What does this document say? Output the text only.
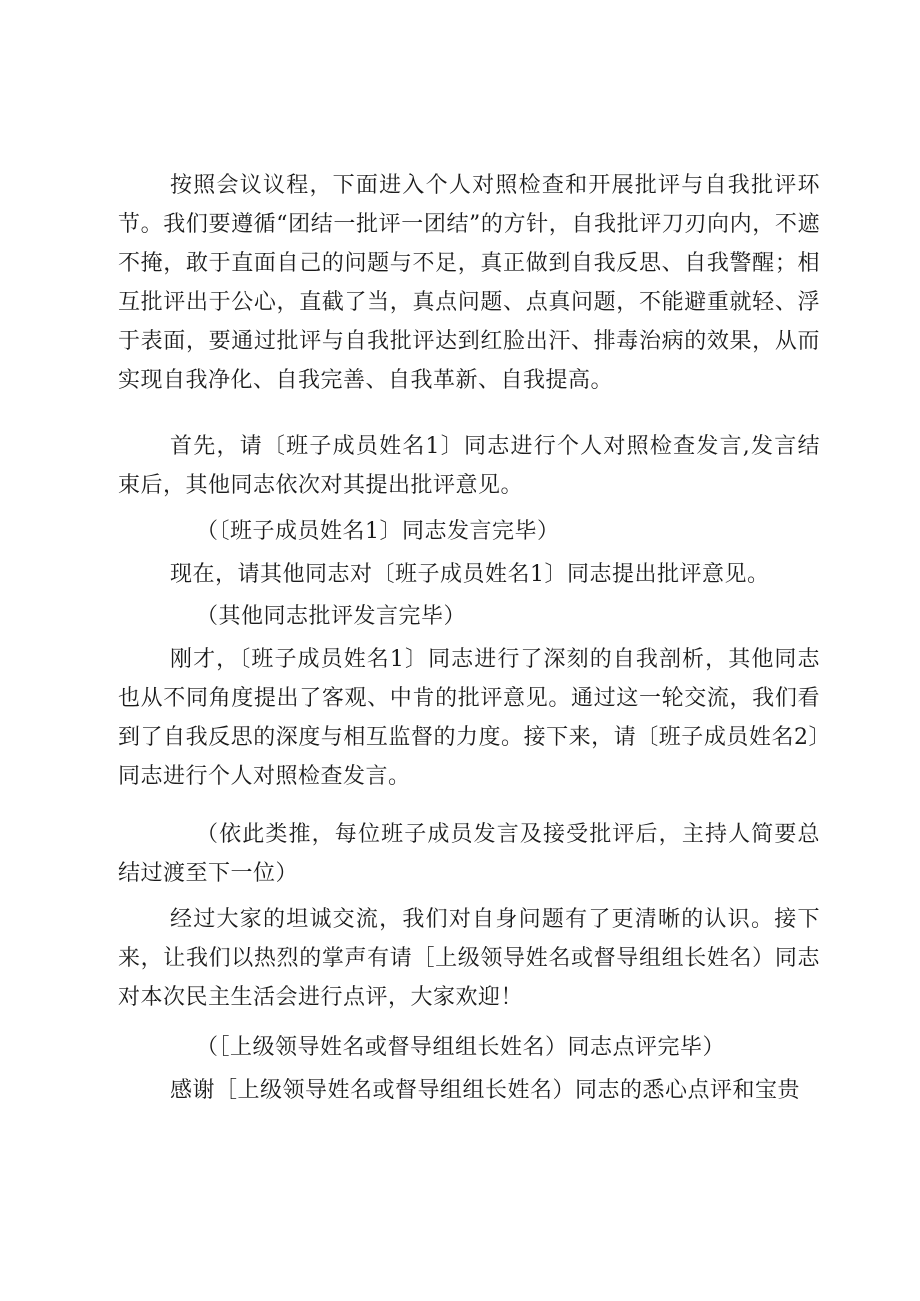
按照会议议程，下面进入个人对照检查和开展批评与自我批评环节。我们要遵循“团结一批评一团结”的方针，自我批评刀刃向内，不遮不掩，敢于直面自己的问题与不足，真正做到自我反思、自我警醒；相互批评出于公心，直截了当，真点问题、点真问题，不能避重就轻、浮于表面，要通过批评与自我批评达到红脸出汗、排毒治病的效果，从而实现自我净化、自我完善、自我革新、自我提高。

首先，请〔班子成员姓名1〕同志进行个人对照检查发言,发言结束后，其他同志依次对其提出批评意见。

（〔班子成员姓名1〕同志发言完毕）

现在，请其他同志对〔班子成员姓名1〕同志提出批评意见。

（其他同志批评发言完毕）

刚才，〔班子成员姓名1〕同志进行了深刻的自我剖析，其他同志也从不同角度提出了客观、中肯的批评意见。通过这一轮交流，我们看到了自我反思的深度与相互监督的力度。接下来，请〔班子成员姓名2〕同志进行个人对照检查发言。

（依此类推，每位班子成员发言及接受批评后，主持人简要总结过渡至下一位）

经过大家的坦诚交流，我们对自身问题有了更清晰的认识。接下来，让我们以热烈的掌声有请［上级领导姓名或督导组组长姓名）同志对本次民主生活会进行点评，大家欢迎！

（［上级领导姓名或督导组组长姓名）同志点评完毕）

感谢［上级领导姓名或督导组组长姓名）同志的悉心点评和宝贵
